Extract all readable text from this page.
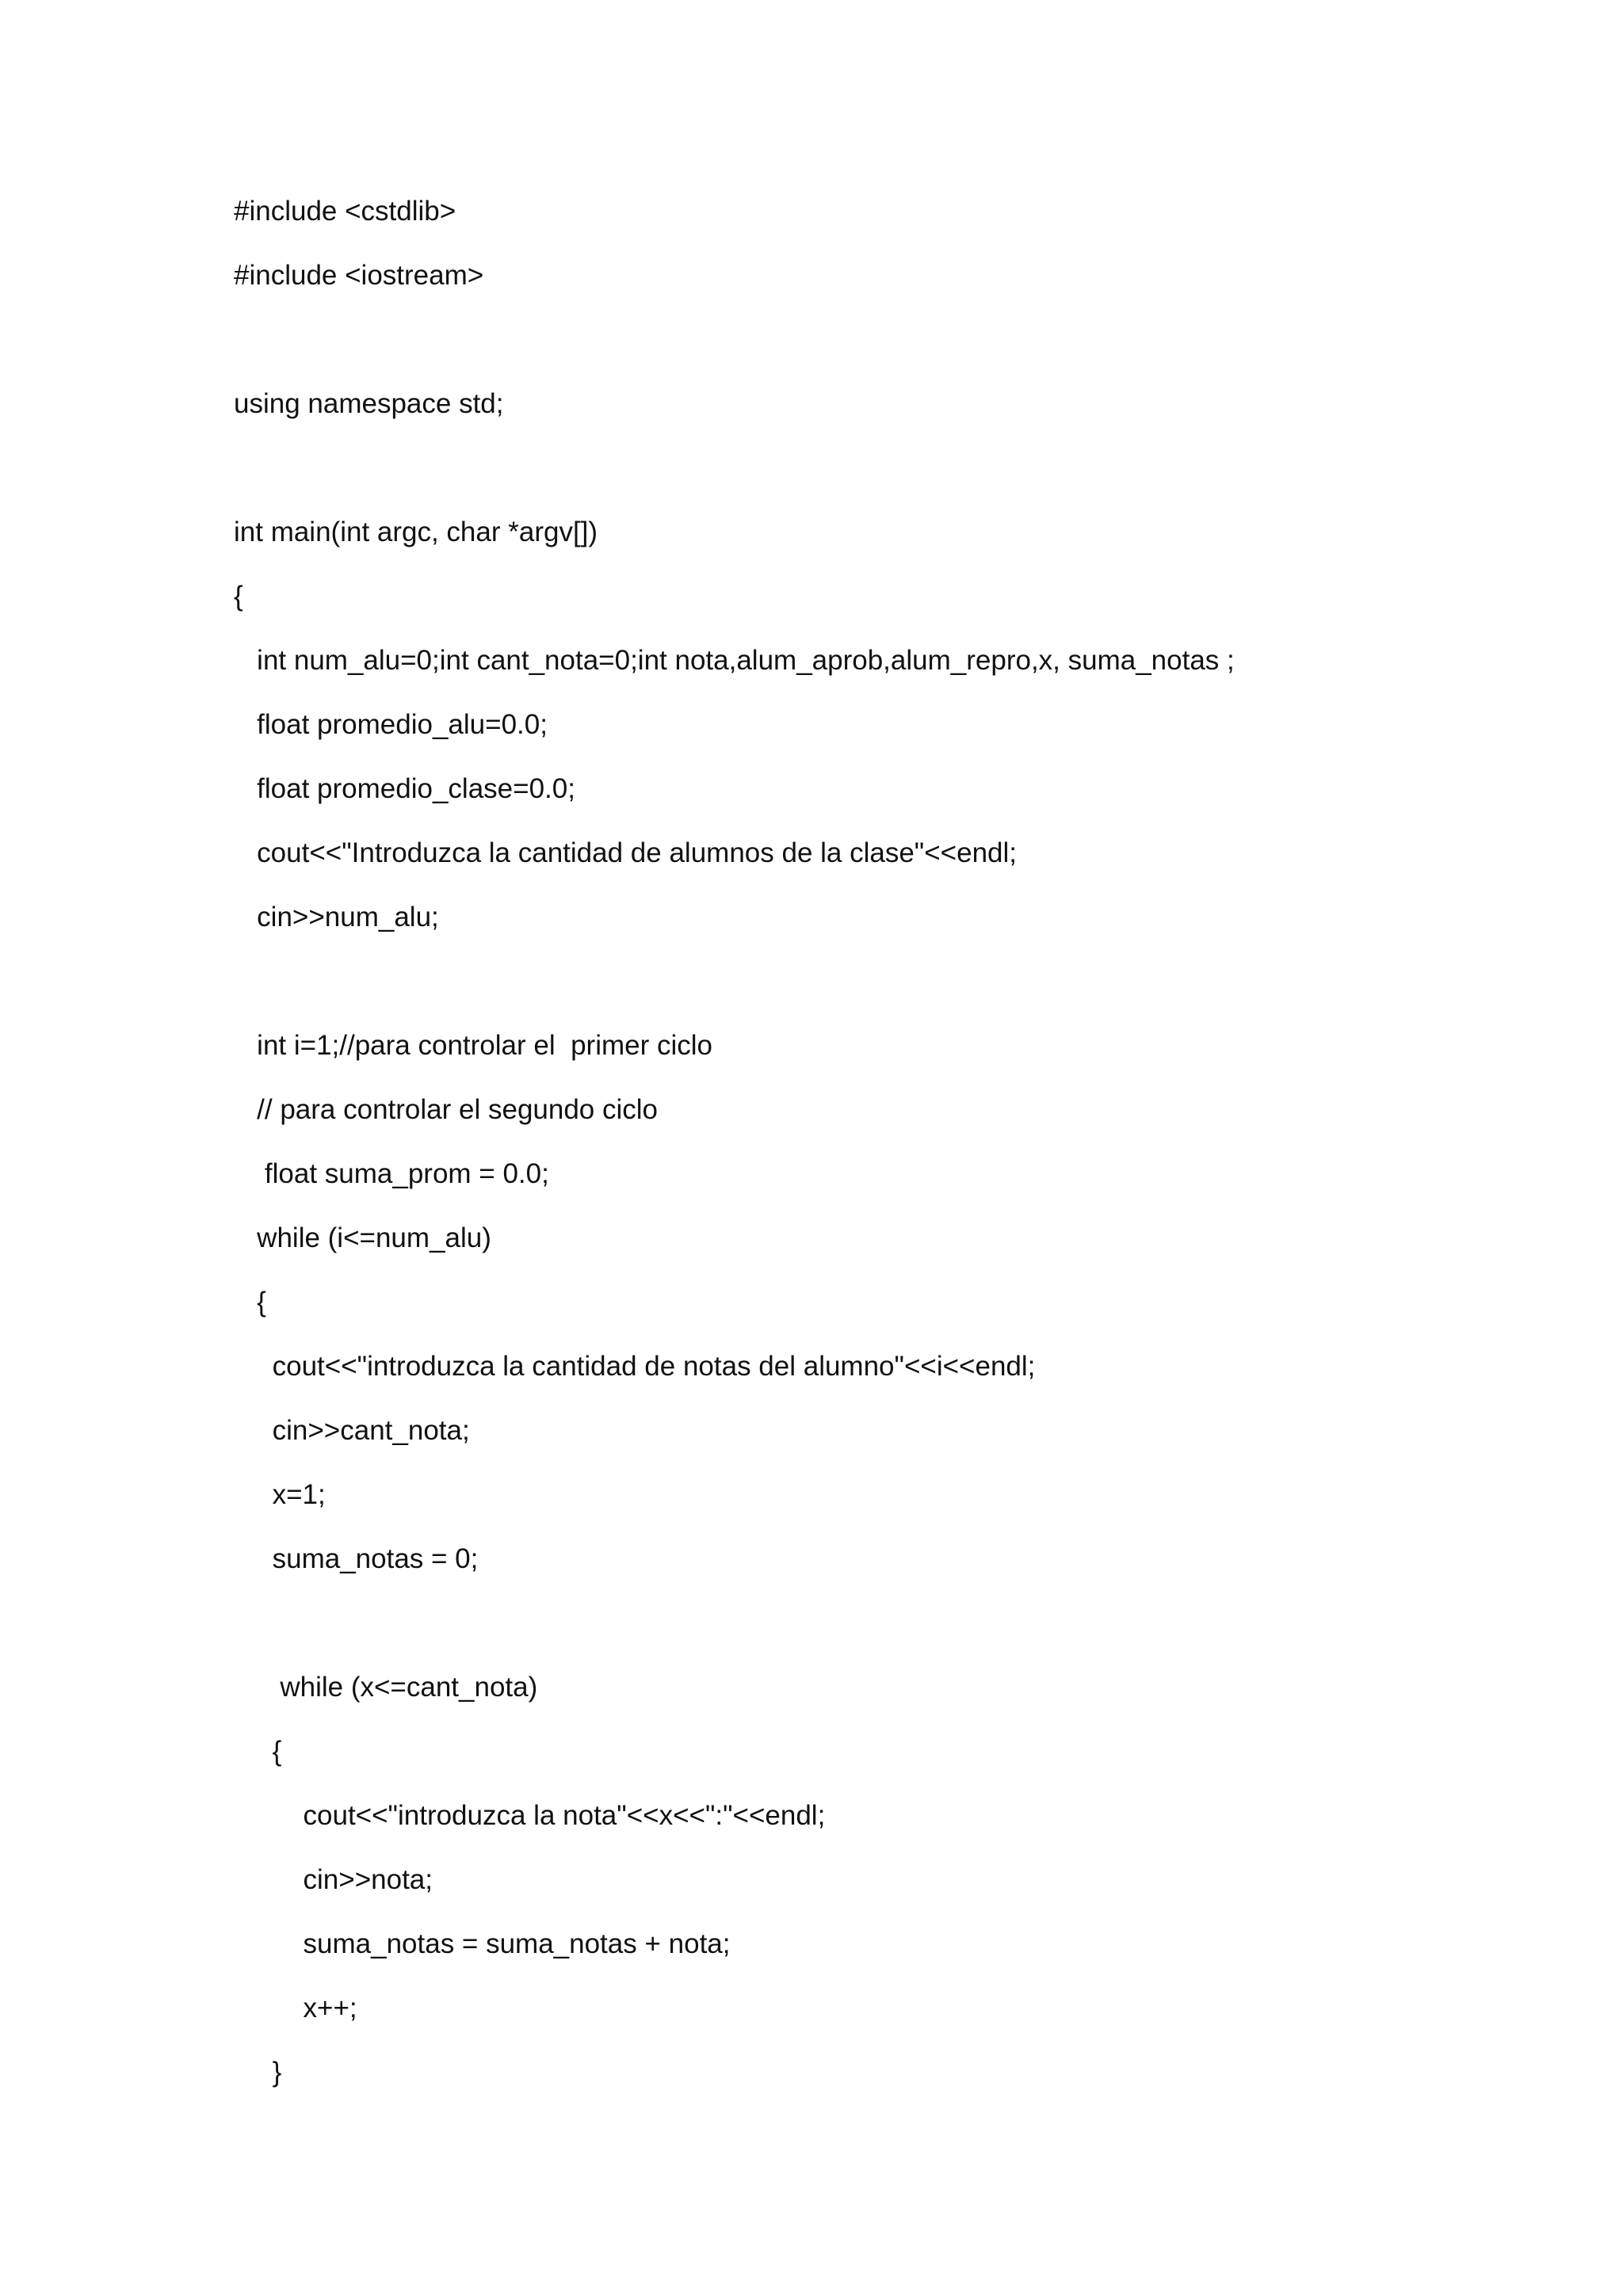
#include <cstdlib>
#include <iostream>
using namespace std;
int main(int argc, char *argv[])
{
int num_alu=0;int cant_nota=0;int nota,alum_aprob,alum_repro,x, suma_notas ;
float promedio_alu=0.0;
float promedio_clase=0.0;
cout<<"Introduzca la cantidad de alumnos de la clase"<<endl;
cin>>num_alu;
int i=1;//para controlar el  primer ciclo
// para controlar el segundo ciclo
float suma_prom = 0.0;
while (i<=num_alu)
{
cout<<"introduzca la cantidad de notas del alumno"<<i<<endl;
cin>>cant_nota;
x=1;
suma_notas = 0;
while (x<=cant_nota)
{
cout<<"introduzca la nota"<<x<<":"<<endl;
cin>>nota;
suma_notas = suma_notas + nota;
x++;
}
